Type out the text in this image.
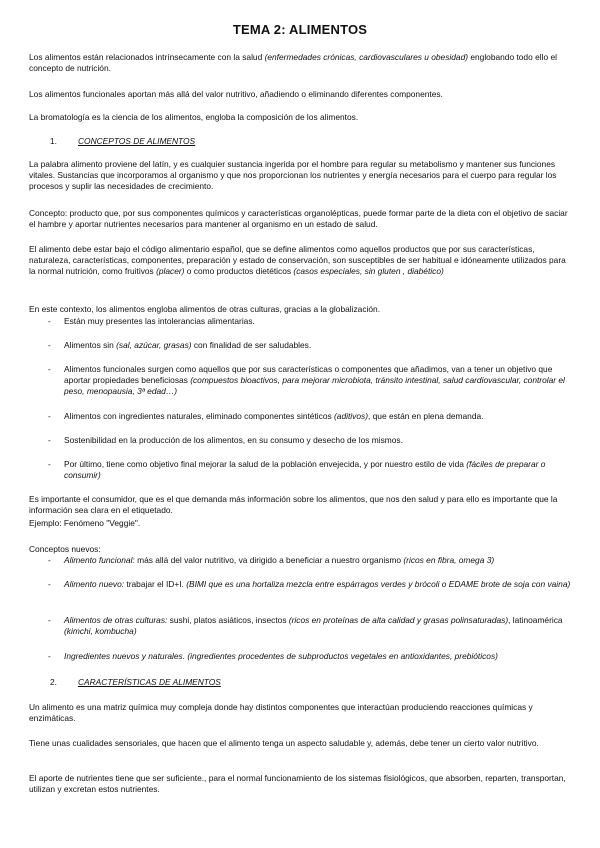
TEMA 2: ALIMENTOS

Los alimentos están relacionados intrínsecamente con la salud (enfermedades crónicas, cardiovasculares u obesidad) englobando todo ello el concepto de nutrición.

Los alimentos funcionales aportan más allá del valor nutritivo, añadiendo o eliminando diferentes componentes.

La bromatología es la ciencia de los alimentos, engloba la composición de los alimentos.

1.	CONCEPTOS DE ALIMENTOS

La palabra alimento proviene del latín, y es cualquier sustancia ingerida por el hombre para regular su metabolismo y mantener sus funciones vitales. Sustancias que incorporamos al organismo y que nos proporcionan los nutrientes y energía necesarios para el cuerpo para regular los procesos y suplir las necesidades de crecimiento.

Concepto: producto que, por sus componentes químicos y características organolépticas, puede formar parte de la dieta con el objetivo de saciar el hambre y aportar nutrientes necesarios para mantener al organismo en un estado de salud.

El alimento debe estar bajo el código alimentario español, que se define alimentos como aquellos productos que por sus características, naturaleza, características, componentes, preparación y estado de conservación, son susceptibles de ser habitual e idóneamente utilizados para la normal nutrición, como fruitivos (placer) o como productos dietéticos (casos especiales, sin gluten , diabético)

En este contexto, los alimentos engloba alimentos de otras culturas, gracias a la globalización.

- Están muy presentes las intolerancias alimentarias.
- Alimentos sin (sal, azúcar, grasas) con finalidad de ser saludables.
- Alimentos funcionales surgen como aquellos que por sus características o componentes que añadimos, van a tener un objetivo que aportar propiedades beneficiosas (compuestos bioactivos, para mejorar microbiota, tránsito intestinal, salud cardiovascular, controlar el peso, menopausia, 3ª edad…)
- Alimentos con ingredientes naturales, eliminado componentes sintéticos (aditivos), que están en plena demanda.
- Sostenibilidad en la producción de los alimentos, en su consumo y desecho de los mismos.
- Por último, tiene como objetivo final mejorar la salud de la población envejecida, y por nuestro estilo de vida (fáciles de preparar o consumir)

Es importante el consumidor, que es el que demanda más información sobre los alimentos, que nos den salud y para ello es importante que la información sea clara en el etiquetado.

Ejemplo: Fenómeno "Veggie".

Conceptos nuevos:

- Alimento funcional: más allá del valor nutritivo, va dirigido a beneficiar a nuestro organismo (ricos en fibra, omega 3)
- Alimento nuevo: trabajar el ID+I. (BIMI que es una hortaliza mezcla entre espárragos verdes y brócoli o EDAME brote de soja con vaina)
- Alimentos de otras culturas: sushi, platos asiáticos, insectos (ricos en proteínas de alta calidad y grasas polinsaturadas), latinoamérica (kimchi, kombucha)
- Ingredientes nuevos y naturales. (ingredientes procedentes de subproductos vegetales en antioxidantes, prebióticos)
2.	CARACTERÍSTICAS DE ALIMENTOS

Un alimento es una matriz química muy compleja donde hay distintos componentes que interactúan produciendo reacciones químicas y enzimáticas.

Tiene unas cualidades sensoriales, que hacen que el alimento tenga un aspecto saludable y, además, debe tener un cierto valor nutritivo.

El aporte de nutrientes tiene que ser suficiente., para el normal funcionamiento de los sistemas fisiológicos, que absorben, reparten, transportan, utilizan y excretan estos nutrientes.
